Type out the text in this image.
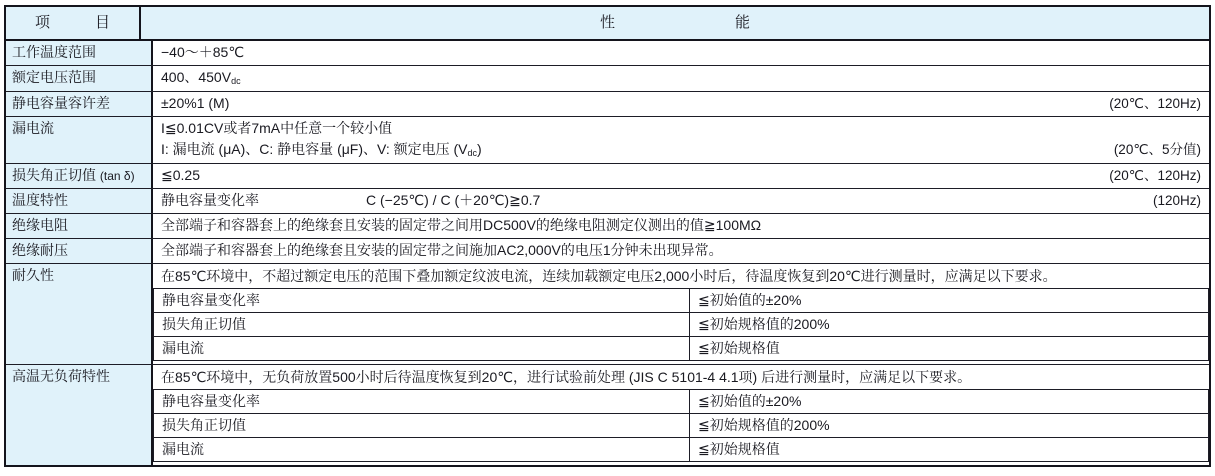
项　　　目	性　　　　　　　　能
工作温度范围	−40～＋85℃
额定电压范围	400、450Vdc
静电容量容许差	±20%1 (M)	(20℃、120Hz)
漏电流	I≦0.01CV或者7mA中任意一个较小值
I: 漏电流 (μA)、C: 静电容量 (μF)、V: 额定电压 (Vdc)	(20℃、5分值)
损失角正切值 (tan δ)	≦0.25	(20℃、120Hz)
温度特性	静电容量变化率	C (−25℃) / C (＋20℃)≧0.7	(120Hz)
绝缘电阻	全部端子和容器套上的绝缘套且安装的固定带之间用DC500V的绝缘电阻测定仪测出的值≧100MΩ
绝缘耐压	全部端子和容器套上的绝缘套且安装的固定带之间施加AC2,000V的电压1分钟未出现异常。
耐久性	在85℃环境中，不超过额定电压的范围下叠加额定纹波电流，连续加载额定电压2,000小时后，待温度恢复到20℃进行测量时，应满足以下要求。
静电容量变化率	≦初始值的±20%
损失角正切值	≦初始规格值的200%
漏电流	≦初始规格值
高温无负荷特性	在85℃环境中，无负荷放置500小时后待温度恢复到20℃，进行试验前处理 (JIS C 5101-4 4.1项) 后进行测量时，应满足以下要求。
静电容量变化率	≦初始值的±20%
损失角正切值	≦初始规格值的200%
漏电流	≦初始规格值
